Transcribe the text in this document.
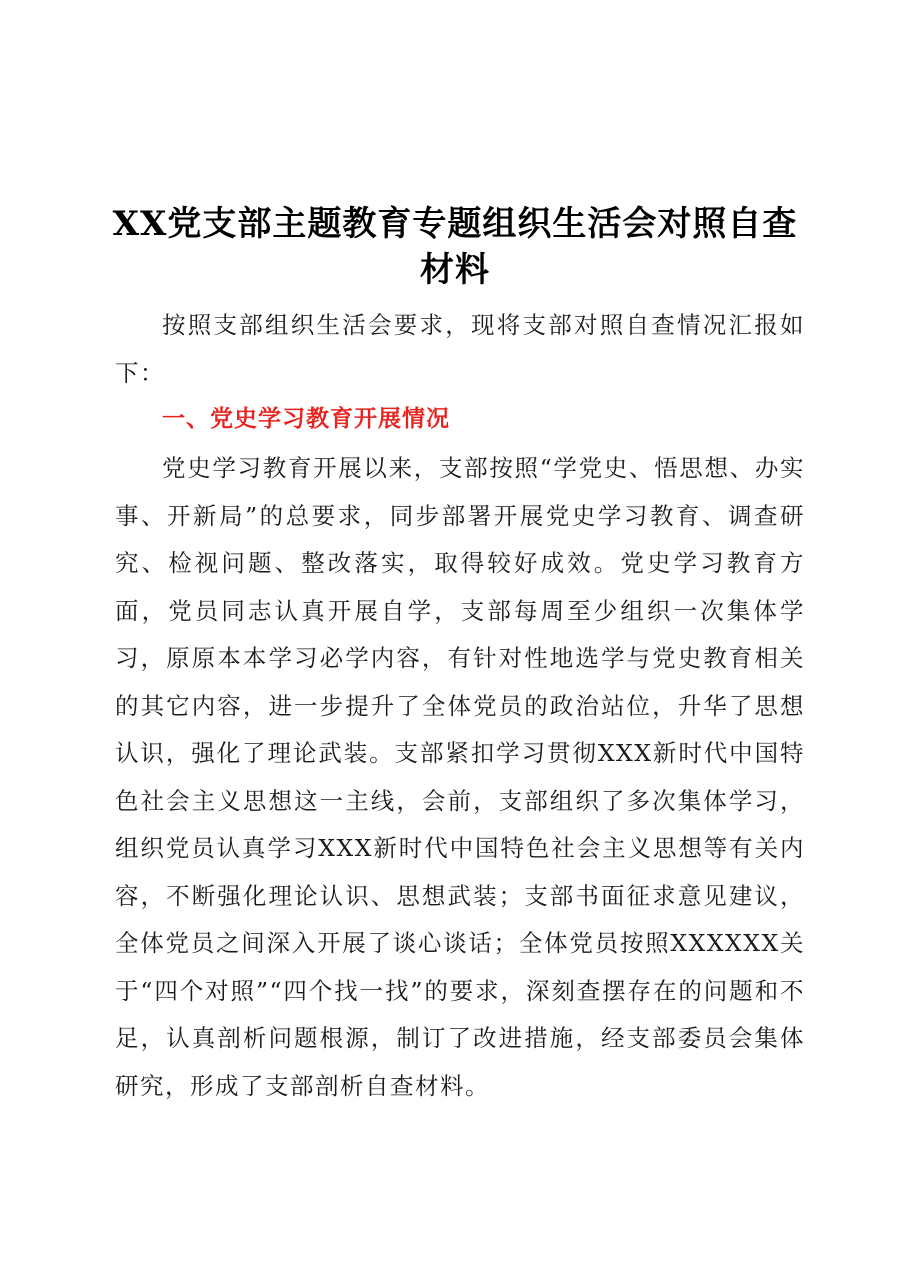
XX党支部主题教育专题组织生活会对照自查材料

按照支部组织生活会要求，现将支部对照自查情况汇报如下：

一、党史学习教育开展情况

党史学习教育开展以来，支部按照“学党史、悟思想、办实事、开新局”的总要求，同步部署开展党史学习教育、调查研究、检视问题、整改落实，取得较好成效。党史学习教育方面，党员同志认真开展自学，支部每周至少组织一次集体学习，原原本本学习必学内容，有针对性地选学与党史教育相关的其它内容，进一步提升了全体党员的政治站位，升华了思想认识，强化了理论武装。支部紧扣学习贯彻XXX新时代中国特色社会主义思想这一主线，会前，支部组织了多次集体学习，组织党员认真学习XXX新时代中国特色社会主义思想等有关内容，不断强化理论认识、思想武装；支部书面征求意见建议，全体党员之间深入开展了谈心谈话；全体党员按照XXXXXX关于“四个对照”“四个找一找”的要求，深刻查摆存在的问题和不足，认真剖析问题根源，制订了改进措施，经支部委员会集体研究，形成了支部剖析自查材料。
